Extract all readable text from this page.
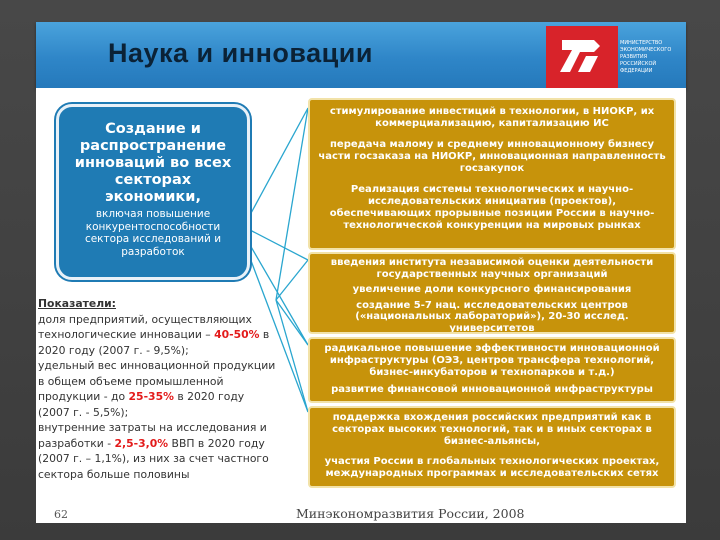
Наука и инновации	МИНИСТЕРСТВО
ЭКОНОМИЧЕСКОГО
РАЗВИТИЯ
РОССИЙСКОЙ
ФЕДЕРАЦИИ
Создание и распространение инноваций во всех секторах экономики,
включая повышение конкурентоспособности сектора исследований и разработок
Показатели:
доля предприятий, осуществляющих технологические инновации – 40-50% в 2020 году (2007 г. - 9,5%);
удельный вес инновационной продукции в общем объеме промышленной продукции - до 25-35% в 2020 году (2007 г. - 5,5%);
внутренние затраты на исследования и разработки - 2,5-3,0% ВВП в 2020 году (2007 г. – 1,1%), из них за счет частного сектора больше половины
стимулирование инвестиций в технологии, в НИОКР, их коммерциализацию, капитализацию ИС
передача малому и среднему инновационному бизнесу части госзаказа на НИОКР, инновационная направленность госзакупок
Реализация системы технологических и научно-исследовательских инициатив (проектов), обеспечивающих прорывные позиции России в научно-технологической конкуренции на мировых рынках
введения института независимой оценки деятельности государственных научных организаций
увеличение доли конкурсного финансирования
создание 5-7 нац. исследовательских центров («национальных лабораторий»), 20-30 исслед. университетов
радикальное повышение эффективности инновационной инфраструктуры (ОЭЗ, центров трансфера технологий, бизнес-инкубаторов и технопарков и т.д.)
развитие финансовой инновационной инфраструктуры
поддержка вхождения российских предприятий как в секторах высоких технологий, так и в иных секторах в бизнес-альянсы,
участия России в глобальных технологических проектах, международных программах и исследовательских сетях
62	Минэкономразвития России, 2008
